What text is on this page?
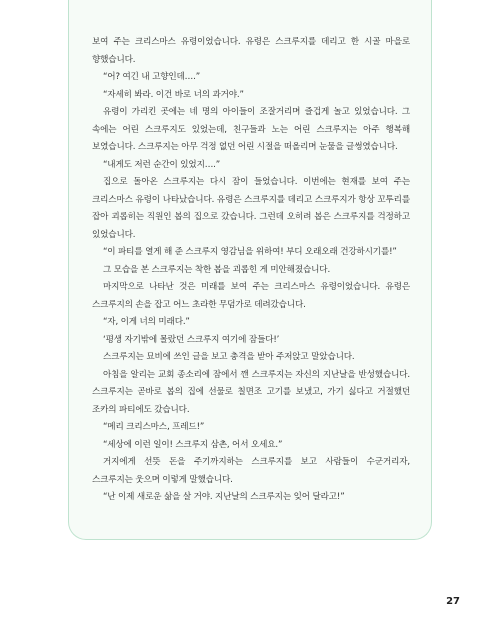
보여 주는 크리스마스 유령이었습니다. 유령은 스크루지를 데리고 한 시골 마을로 향했습니다.

“어? 여긴 내 고향인데….”

“자세히 봐라. 이건 바로 너의 과거야.”

유령이 가리킨 곳에는 네 명의 아이들이 조잘거리며 즐겁게 놀고 있었습니다. 그 속에는 어린 스크루지도 있었는데, 친구들과 노는 어린 스크루지는 아주 행복해 보였습니다. 스크루지는 아무 걱정 없던 어린 시절을 떠올리며 눈물을 글썽였습니다.

“내게도 저런 순간이 있었지….”

집으로 돌아온 스크루지는 다시 잠이 들었습니다. 이번에는 현재를 보여 주는 크리스마스 유령이 나타났습니다. 유령은 스크루지를 데리고 스크루지가 항상 꼬투리를 잡아 괴롭히는 직원인 봅의 집으로 갔습니다. 그런데 오히려 봅은 스크루지를 걱정하고 있었습니다.

“이 파티를 열게 해 준 스크루지 영감님을 위하여! 부디 오래오래 건강하시기를!”

그 모습을 본 스크루지는 착한 봅을 괴롭힌 게 미안해졌습니다.

마지막으로 나타난 것은 미래를 보여 주는 크리스마스 유령이었습니다. 유령은 스크루지의 손을 잡고 어느 초라한 무덤가로 데려갔습니다.

“자, 이게 너의 미래다.”

‘평생 자기밖에 몰랐던 스크루지 여기에 잠들다!’

스크루지는 묘비에 쓰인 글을 보고 충격을 받아 주저앉고 말았습니다.

아침을 알리는 교회 종소리에 잠에서 깬 스크루지는 자신의 지난날을 반성했습니다. 스크루지는 곧바로 봅의 집에 선물로 칠면조 고기를 보냈고, 가기 싫다고 거절했던 조카의 파티에도 갔습니다.

“메리 크리스마스, 프레드!”

“세상에 이런 일이! 스크루지 삼촌, 어서 오세요.”

거지에게 선뜻 돈을 주기까지하는 스크루지를 보고 사람들이 수군거리자, 스크루지는 웃으며 이렇게 말했습니다.

“난 이제 새로운 삶을 살 거야. 지난날의 스크루지는 잊어 달라고!”

27
